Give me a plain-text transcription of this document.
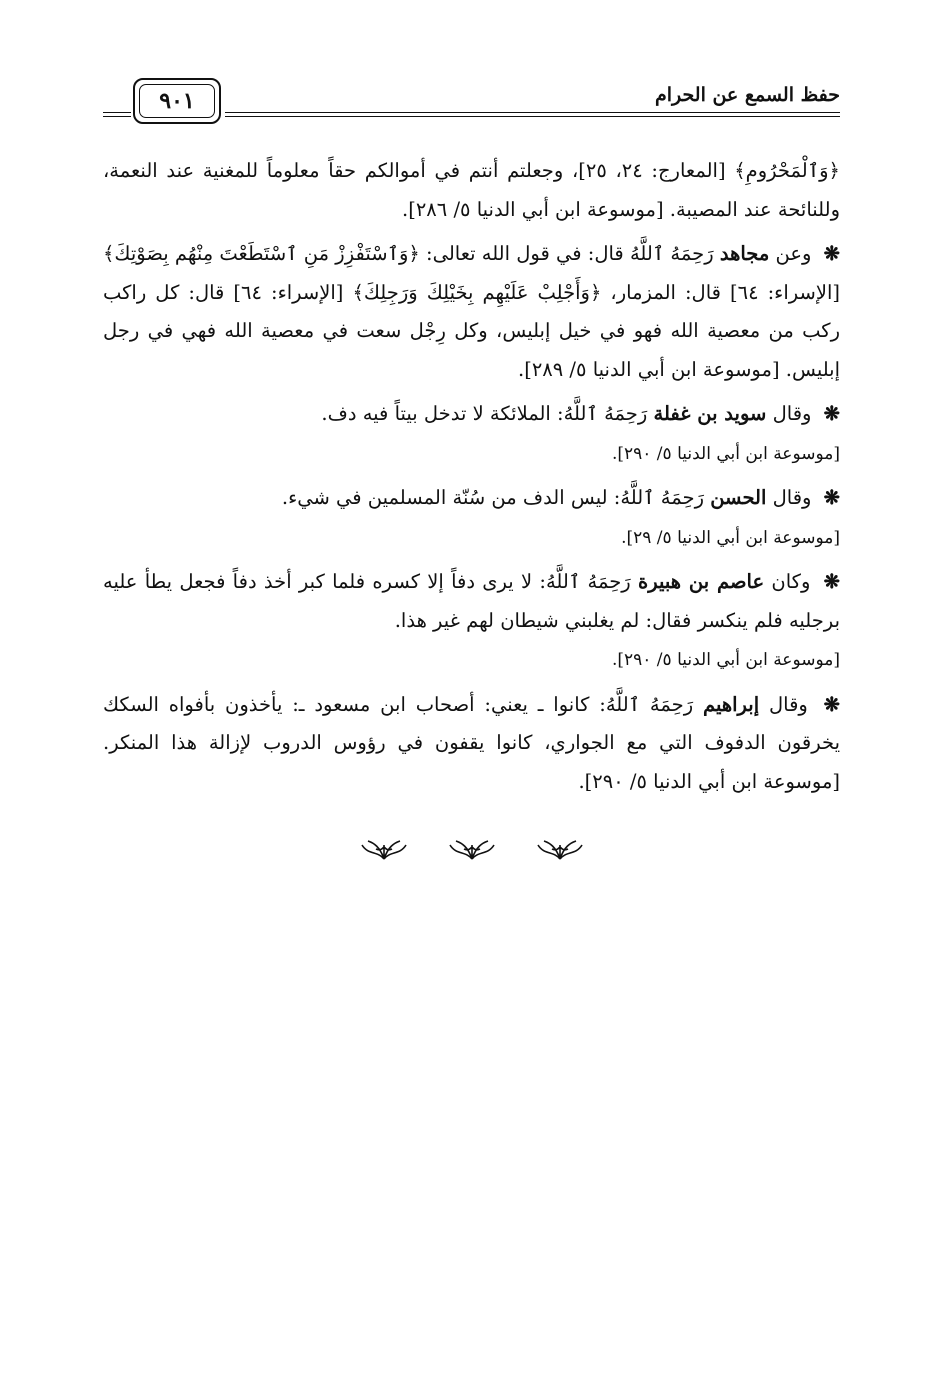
حفظ السمع عن الحرام
٩٠١

﴿وَٱلْمَحْرُومِ﴾ [المعارج: ٢٤، ٢٥]، وجعلتم أنتم في أموالكم حقاً معلوماً للمغنية عند النعمة، وللنائحة عند المصيبة. [موسوعة ابن أبي الدنيا ٥/ ٢٨٦].

❋ وعن مجاهد رَحِمَهُ ٱللَّهُ قال: في قول الله تعالى: ﴿وَٱسْتَفْزِزْ مَنِ ٱسْتَطَعْتَ مِنْهُم بِصَوْتِكَ﴾ [الإسراء: ٦٤] قال: المزمار، ﴿وَأَجْلِبْ عَلَيْهِم بِخَيْلِكَ وَرَجِلِكَ﴾ [الإسراء: ٦٤] قال: كل راكب ركب من معصية الله فهو في خيل إبليس، وكل رِجْل سعت في معصية الله فهي في رجل إبليس. [موسوعة ابن أبي الدنيا ٥/ ٢٨٩].

❋ وقال سويد بن غفلة رَحِمَهُ ٱللَّهُ: الملائكة لا تدخل بيتاً فيه دف.
[موسوعة ابن أبي الدنيا ٥/ ٢٩٠].

❋ وقال الحسن رَحِمَهُ ٱللَّهُ: ليس الدف من سُنّة المسلمين في شيء.
[موسوعة ابن أبي الدنيا ٥/ ٢٩].

❋ وكان عاصم بن هبيرة رَحِمَهُ ٱللَّهُ: لا يرى دفاً إلا كسره فلما كبر أخذ دفاً فجعل يطأ عليه برجليه فلم ينكسر فقال: لم يغلبني شيطان لهم غير هذا.
[موسوعة ابن أبي الدنيا ٥/ ٢٩٠].

❋ وقال إبراهيم رَحِمَهُ ٱللَّهُ: كانوا ـ يعني: أصحاب ابن مسعود ـ: يأخذون بأفواه السكك يخرقون الدفوف التي مع الجواري، كانوا يقفون في رؤوس الدروب لإزالة هذا المنكر. [موسوعة ابن أبي الدنيا ٥/ ٢٩٠].
